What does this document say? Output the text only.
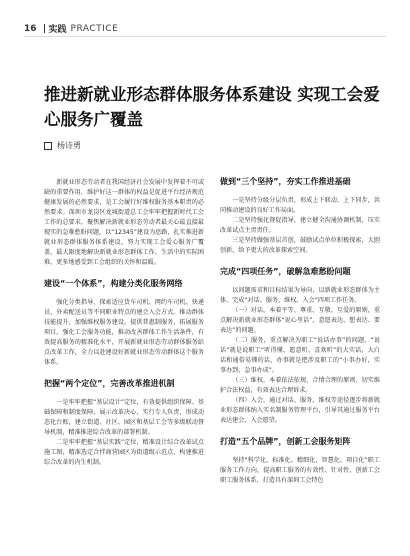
16 实践 PRACTICE
推进新就业形态群体服务体系建设 实现工会爱心服务广覆盖
杨诗勇

新就业形态劳动者在我国经济社会发展中发挥着不可或缺的重要作用，维护好这一群体的权益是促进平台经济规范健康发展的必然要求，是工会履行好维权服务基本职责的必然要求。深圳市龙岗区龙城街道总工会牢牢把握新时代工会工作的总要求，聚焦解决新就业形态劳动者最关心最直接最现实的急难愁盼问题，以“12345”建设为思路，扎实推进新就业形态群体服务体系建设，努力实现工会爱心服务广覆盖，最大限度地解决新就业形态群体工作、生活中的实际困难，更多地感受到工会组织的关怀和温暖。

建设“一个体系”，构建分类化服务网络

强化分类指导，探索适应货车司机、网约车司机、快递员、外卖配送员等不同职业特点的建会入会方式。推动群体技能提升，加强维权服务建设，提供普惠制服务，拓展服务项目，强化工会服务功能，推动改善群体工作生活条件，有效提高服务的精准化水平，开展新就业形态劳动群体服务站点改革工作，全力以赴建设好新就业形态劳动群体这个服务体系。

把握“两个定位”，完善改革推进机制

一是牢牢把握“基层设计”定位，有效提供组织保障、基础保障和制度保障，展示改革决心，实行专人负责、形成动态化台账，建立街道、社区、园区和基层工会等多级联动督导机制，精准推进综合改革的部署机制。

二是牢牢把握“基层实践”定位，精准设计综合改革试点施工图，精准选定合拌商营园区为街道级示范点，构建推进综合改革的内生机制。

做到“三个坚持”，夯实工作推进基础

一是坚持分级分层负责，形成上下联动、上下同步，共同推动建设的良好工作局面。

二是坚持强化督促指导，建立健全沟通协调机制，压实改革试点主责责任。

三是坚持做强基层首创，鼓励试点单位积极探索，大胆创新，给予更大的改革探索空间。

完成“四项任务”，破解急难愁盼问题

以问题需求和目标结果为导向，以新就业形态群体为主体，完成“对话、服务、维权、入会”四项工作任务。

（一）对话，本着平等、尊重、互敬、互爱的原则，重点解决新就业形态群体“说心里话”，意愿表达、想表达、要表达”的问题。

（二）服务，重点解决为职工“说话办事”的问题，“说话”就是说职工“听得懂、愿意听、喜欢听”的大实话，大白话和通俗易懂的话，办事就是把涉及职工的“小事办好，实事办到，急事办成”。

（三）维权，本着依法依规，合情合理的原则，切实维护合法权益，有效表达合理诉求。

（四）入会，通过对话、服务、维权等途径逐步将新就业形态群体纳入实名制服务管理平台，引导其通过服务平台表达建会、入会愿望。

打造“五个品牌”，创新工会服务矩阵

坚持“科学化、标准化、精细化、智慧化、项目化”职工服务工作方向，提高职工服务的有效性、针对性，创新工会职工服务体系，打造具有深圳工会特色
